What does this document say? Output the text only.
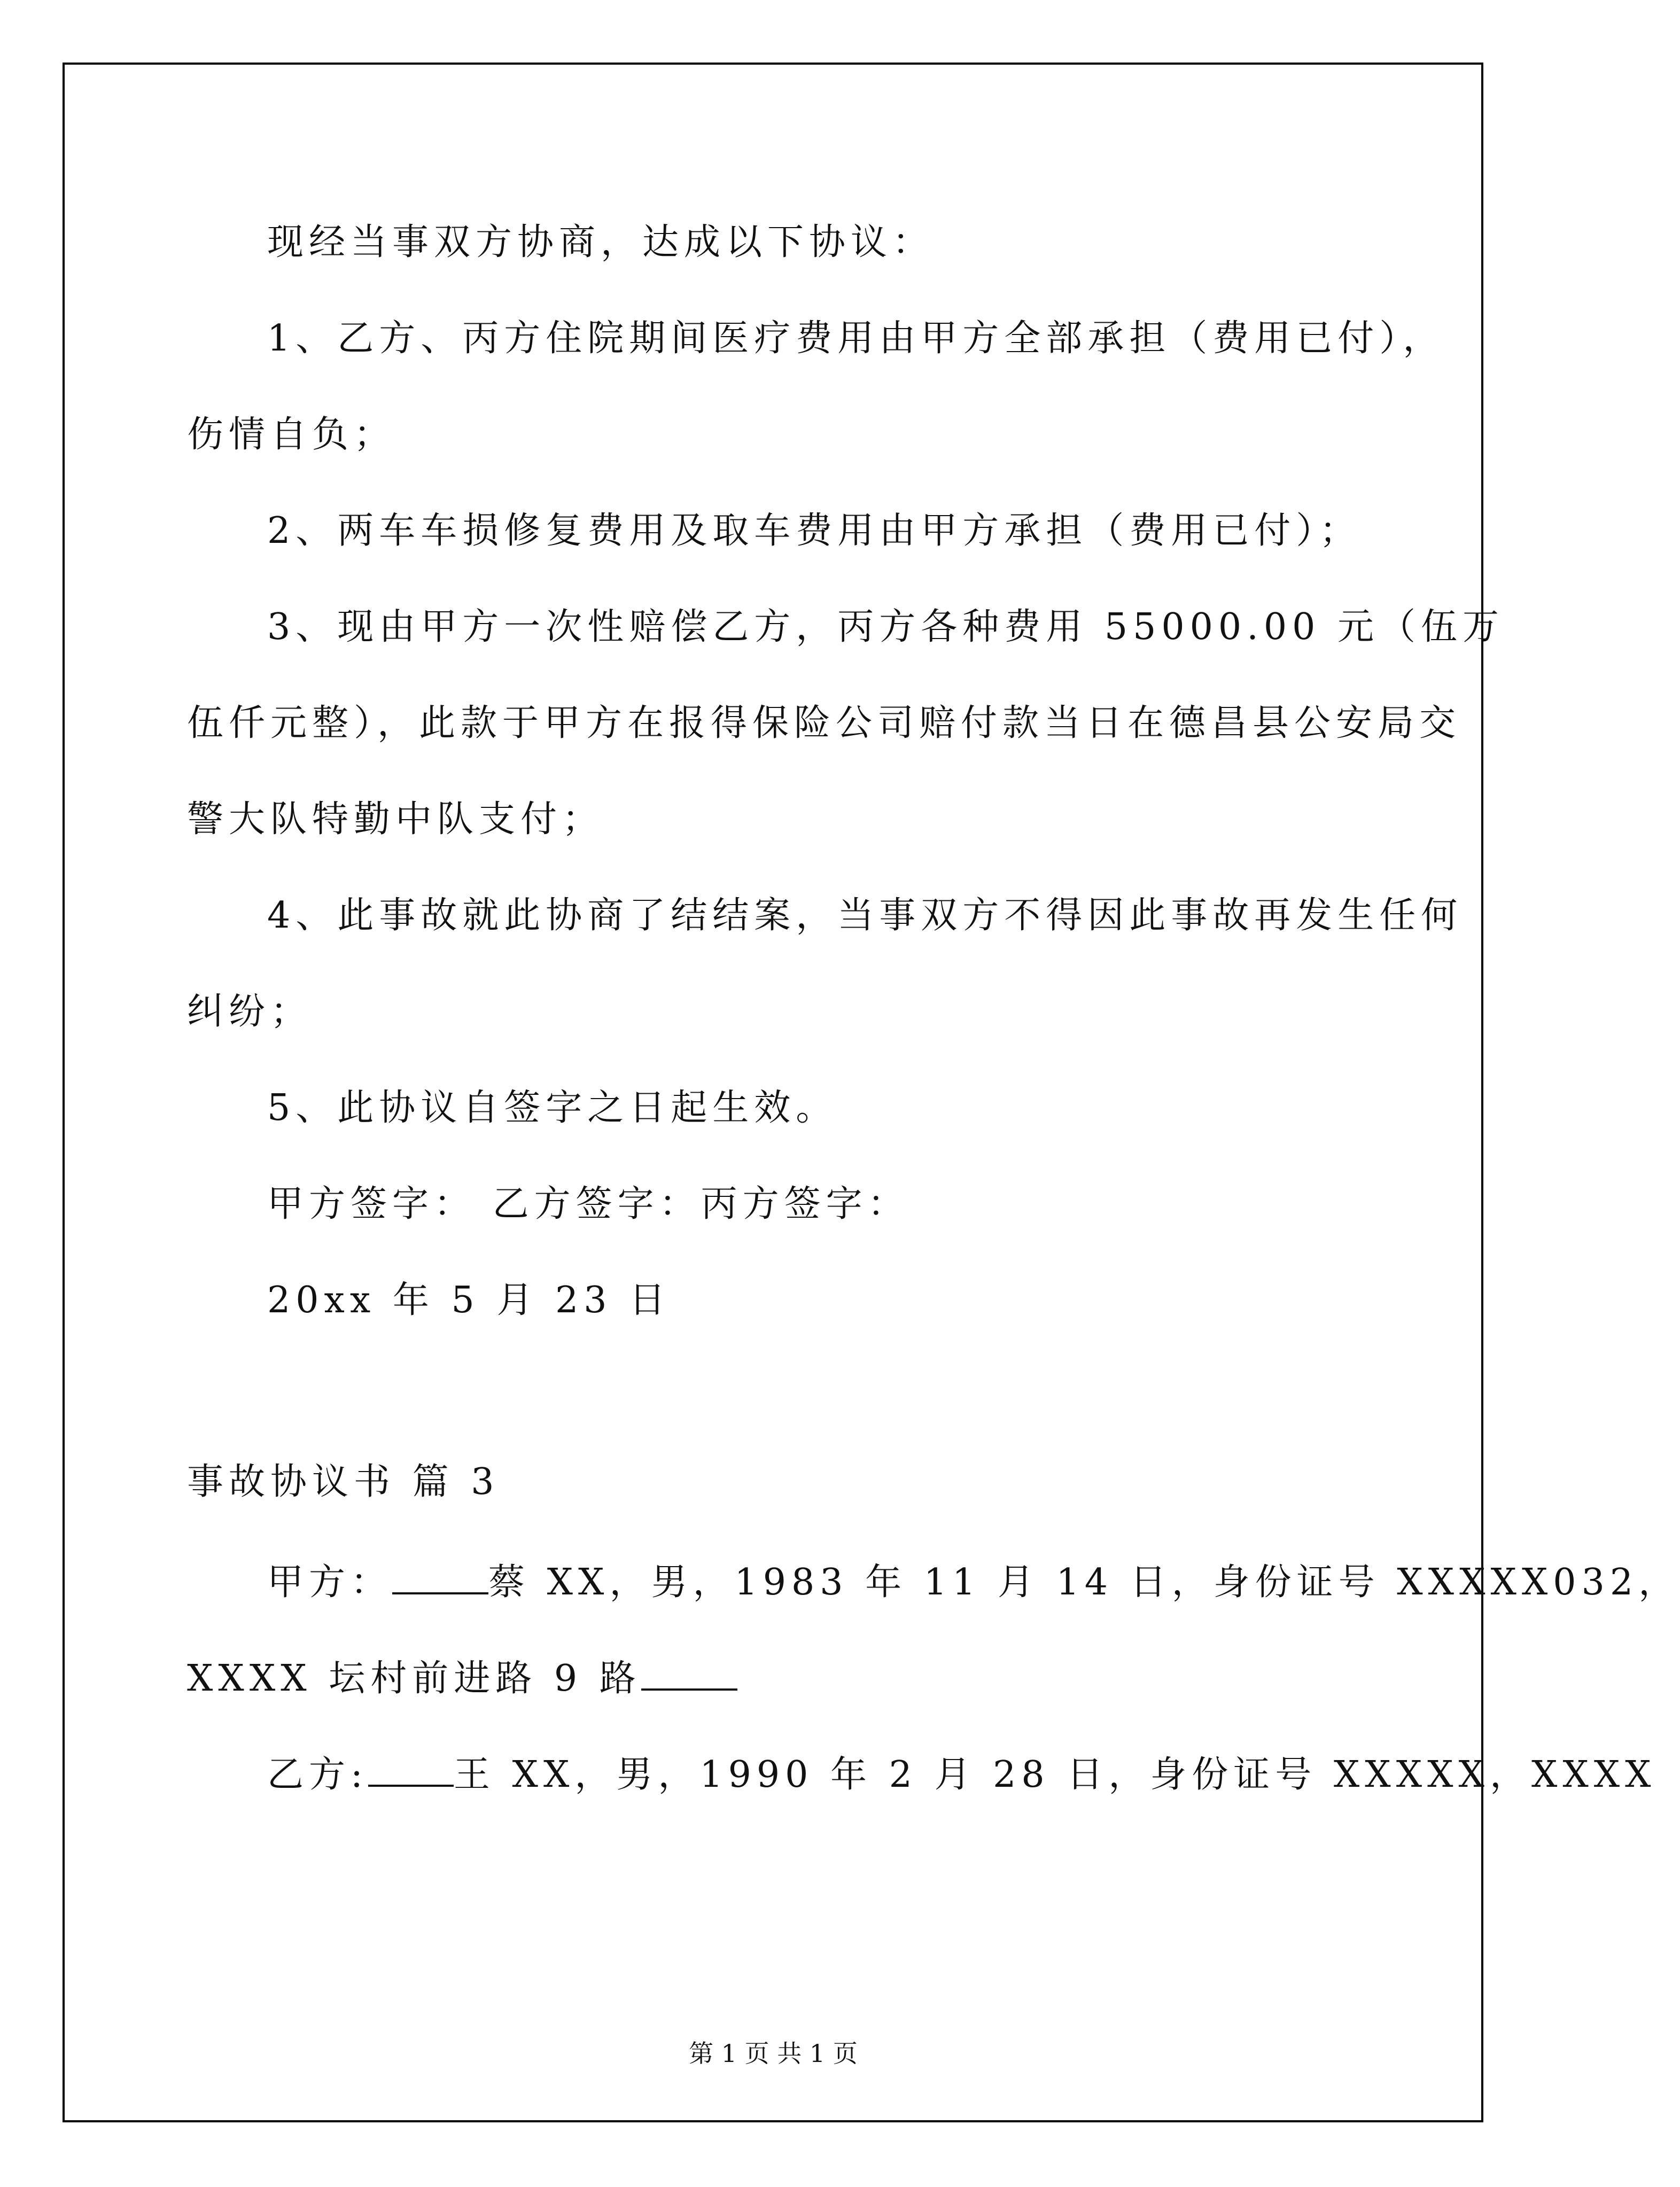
现经当事双方协商，达成以下协议：
1、乙方、丙方住院期间医疗费用由甲方全部承担（费用已付），
伤情自负；
2、两车车损修复费用及取车费用由甲方承担（费用已付）；
3、现由甲方一次性赔偿乙方，丙方各种费用 55000.00 元（伍万
伍仟元整），此款于甲方在报得保险公司赔付款当日在德昌县公安局交
警大队特勤中队支付；
4、此事故就此协商了结结案，当事双方不得因此事故再发生任何
纠纷；
5、此协议自签字之日起生效。
甲方签字： 乙方签字：丙方签字：
20xx 年 5 月 23 日
事故协议书 篇 3
甲方：	蔡 XX，男，1983 年 11 月 14 日，身份证号 XXXXX032，
XXXX 坛村前进路 9 路
乙方: 王 XX，男，1990 年 2 月 28 日，身份证号 XXXXX，XXXX
第 1 页 共 1 页
